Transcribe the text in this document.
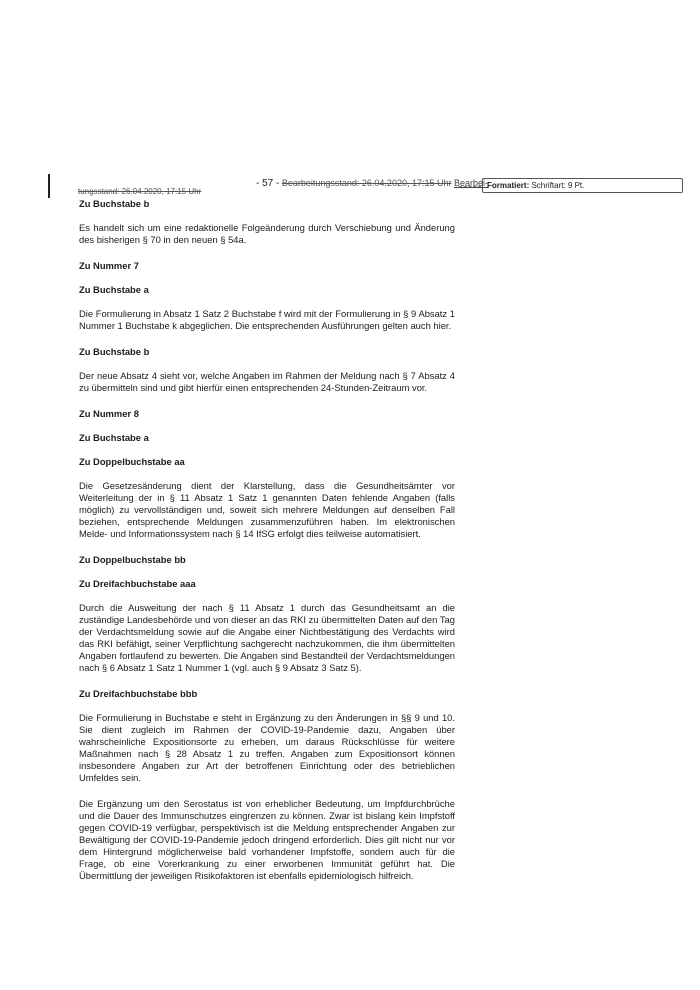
tungsstand: 26.04.2020, 17:15 Uhr
- 57 - Bearbeitungsstand: 26.04.2020, 17:15 Uhr Bearbei-
Formatiert: Schriftart: 9 Pt.
Zu Buchstabe b

Es handelt sich um eine redaktionelle Folgeänderung durch Verschiebung und Änderung des bisherigen § 70 in den neuen § 54a.

Zu Nummer 7
Zu Buchstabe a

Die Formulierung in Absatz 1 Satz 2 Buchstabe f wird mit der Formulierung in § 9 Absatz 1 Nummer 1 Buchstabe k abgeglichen. Die entsprechenden Ausführungen gelten auch hier.

Zu Buchstabe b

Der neue Absatz 4 sieht vor, welche Angaben im Rahmen der Meldung nach § 7 Absatz 4 zu übermitteln sind und gibt hierfür einen entsprechenden 24-Stunden-Zeitraum vor.

Zu Nummer 8
Zu Buchstabe a
Zu Doppelbuchstabe aa

Die Gesetzesänderung dient der Klarstellung, dass die Gesundheitsämter vor Weiterleitung der in § 11 Absatz 1 Satz 1 genannten Daten fehlende Angaben (falls möglich) zu vervollständigen und, soweit sich mehrere Meldungen auf denselben Fall beziehen, entsprechende Meldungen zusammenzuführen haben. Im elektronischen Melde- und Informationssystem nach § 14 IfSG erfolgt dies teilweise automatisiert.

Zu Doppelbuchstabe bb
Zu Dreifachbuchstabe aaa

Durch die Ausweitung der nach § 11 Absatz 1 durch das Gesundheitsamt an die zuständige Landesbehörde und von dieser an das RKI zu übermittelten Daten auf den Tag der Verdachtsmeldung sowie auf die Angabe einer Nichtbestätigung des Verdachts wird das RKI befähigt, seiner Verpflichtung sachgerecht nachzukommen, die ihm übermittelten Angaben fortlaufend zu bewerten. Die Angaben sind Bestandteil der Verdachtsmeldungen nach § 6 Absatz 1 Satz 1 Nummer 1 (vgl. auch § 9 Absatz 3 Satz 5).

Zu Dreifachbuchstabe bbb

Die Formulierung in Buchstabe e steht in Ergänzung zu den Änderungen in §§ 9 und 10. Sie dient zugleich im Rahmen der COVID-19-Pandemie dazu, Angaben über wahrscheinliche Expositionsorte zu erheben, um daraus Rückschlüsse für weitere Maßnahmen nach § 28 Absatz 1 zu treffen. Angaben zum Expositionsort können insbesondere Angaben zur Art der betroffenen Einrichtung oder des betrieblichen Umfeldes sein.

Die Ergänzung um den Serostatus ist von erheblicher Bedeutung, um Impfdurchbrüche und die Dauer des Immunschutzes eingrenzen zu können. Zwar ist bislang kein Impfstoff gegen COVID-19 verfügbar, perspektivisch ist die Meldung entsprechender Angaben zur Bewältigung der COVID-19-Pandemie jedoch dringend erforderlich. Dies gilt nicht nur vor dem Hintergrund möglicherweise bald vorhandener Impfstoffe, sondern auch für die Frage, ob eine Vorerkrankung zu einer erworbenen Immunität geführt hat. Die Übermittlung der jeweiligen Risikofaktoren ist ebenfalls epidemiologisch hilfreich.
